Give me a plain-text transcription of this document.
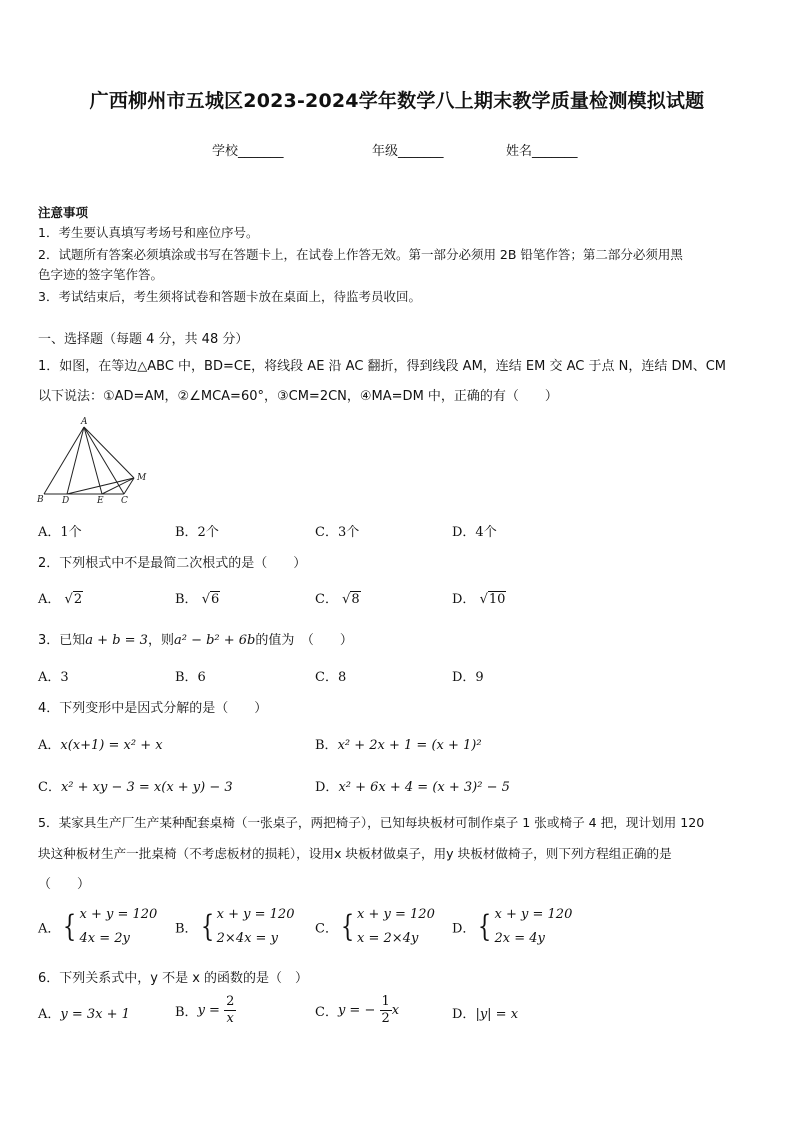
广西柳州市五城区2023-2024学年数学八上期末教学质量检测模拟试题
学校_______	年级_______	姓名_______
注意事项
1．考生要认真填写考场号和座位序号。
2．试题所有答案必须填涂或书写在答题卡上，在试卷上作答无效。第一部分必须用 2B 铅笔作答；第二部分必须用黑
色字迹的签字笔作答。
3．考试结束后，考生须将试卷和答题卡放在桌面上，待监考员收回。
一、选择题（每题 4 分，共 48 分）
1．如图，在等边△ABC 中，BD=CE，将线段 AE 沿 AC 翻折，得到线段 AM，连结 EM 交 AC 于点 N，连结 DM、CM
以下说法：①AD=AM，②∠MCA=60°，③CM=2CN，④MA=DM 中，正确的有（　　）
A
B D	E C
M
A．1个	B．2个	C．3个	D．4个
2．下列根式中不是最简二次根式的是（　　）
A． √2	B． √6	C． √8	D． √10
3．已知a + b = 3，则a² − b² + 6b的值为　（　　）
A．3	B．6	C．8	D．9
4．下列变形中是因式分解的是（　　）
A．x(x+1) = x² + x	B．x² + 2x + 1 = (x + 1)²
C．x² + xy − 3 = x(x + y) − 3	D．x² + 6x + 4 = (x + 3)² − 5
5．某家具生产厂生产某种配套桌椅（一张桌子，两把椅子），已知每块板材可制作桌子 1 张或椅子 4 把，现计划用 120
块这种板材生产一批桌椅（不考虑板材的损耗），设用x 块板材做桌子，用y 块板材做椅子，则下列方程组正确的是
（　　）
A．{ x + y = 120
4x = 2y
B．{ x + y = 120
2×4x = y
C．{ x + y = 120
x = 2×4y
D．{ x + y = 120
2x = 4y
6．下列关系式中，y 不是 x 的函数的是（　）
A．y = 3x + 1	B．$y = \frac{2}{x}$	C．y = − $\frac{1}{2}$ x	D．|y| = x
